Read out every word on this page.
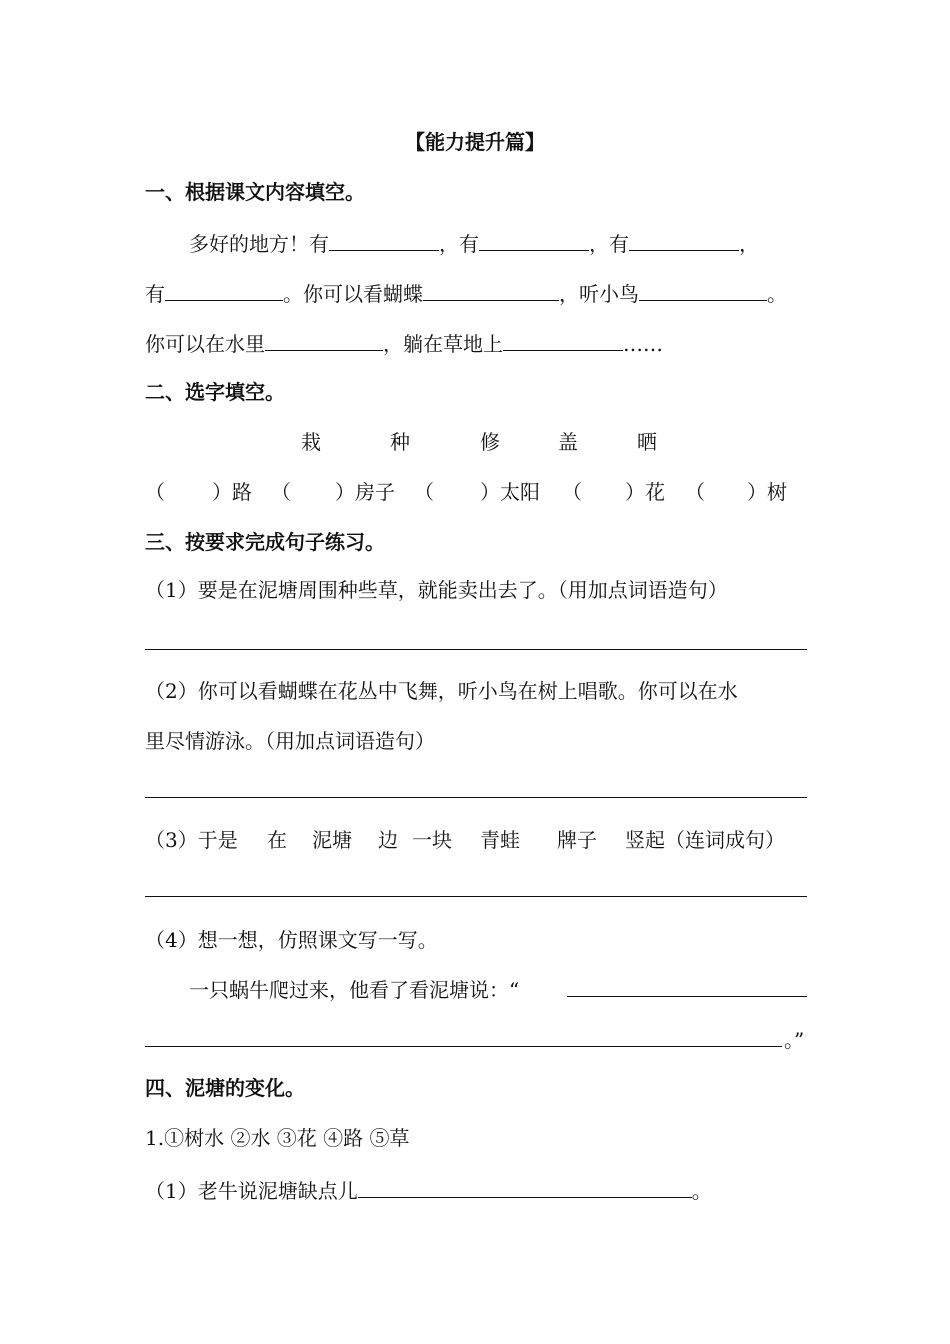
【能力提升篇】
一、根据课文内容填空。
多好的地方！有	，有	，有	，
有	。你可以看蝴蝶	，听小鸟	。
你可以在水里	，躺在草地上	……
二、选字填空。
栽	种	修	盖	晒
（ ）路 （ ）房子 （ ）太阳 （ ）花 （ ）树
三、按要求完成句子练习。
（1）要是在泥塘周围种些草，就能卖出去了。（用加点词语造句）
（2）你可以看蝴蝶在花丛中飞舞，听小鸟在树上唱歌。你可以在水
里尽情游泳。（用加点词语造句）
（3）于是 在 泥塘 边 一块 青蛙 牌子 竖起（连词成句）
（4）想一想，仿照课文写一写。
一只蜗牛爬过来，他看了看泥塘说：“
。”
四、泥塘的变化。
1.①树水 ②水 ③花 ④路 ⑤草
（1）老牛说泥塘缺点儿	。
